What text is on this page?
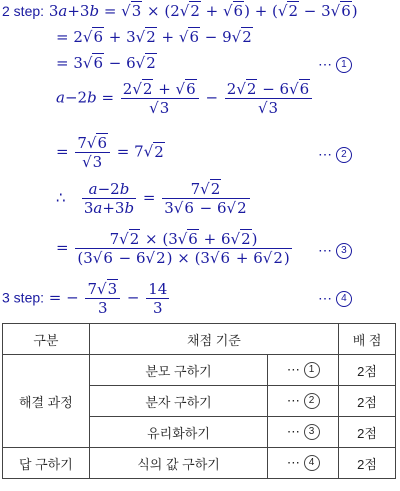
2 step: 3a+3b = √3 × (2√2 + √6) + (√2 − 3√6)
= 2√6 + 3√2 + √6 − 9√2
= 3√6 − 6√2	⋯ 1
$a-2b = \frac{2√2 + √6}{√3} - \frac{2√2 - 6√6}{√3}$
= $\frac{7√6}{√3} = 7√2$	⋯ 2
∴ $\frac{a-2b}{3a+3b} = \frac{7√2}{3√6 - 6√2}$
= $\frac{7√2 \times (3√6 + 6√2)}{(3√6 - 6√2) \times (3√6 + 6√2)}$ ⋯ 3
3 step: = − $\frac{7√3}{3} - \frac{14}{3}$	⋯ 4
구분	채점 기준		배 점
해결 과정	분모 구하기	⋯ 1	2점
	분자 구하기	⋯ 2	2점
	유리화하기	⋯ 3	2점
답 구하기	식의 값 구하기	⋯ 4	2점
